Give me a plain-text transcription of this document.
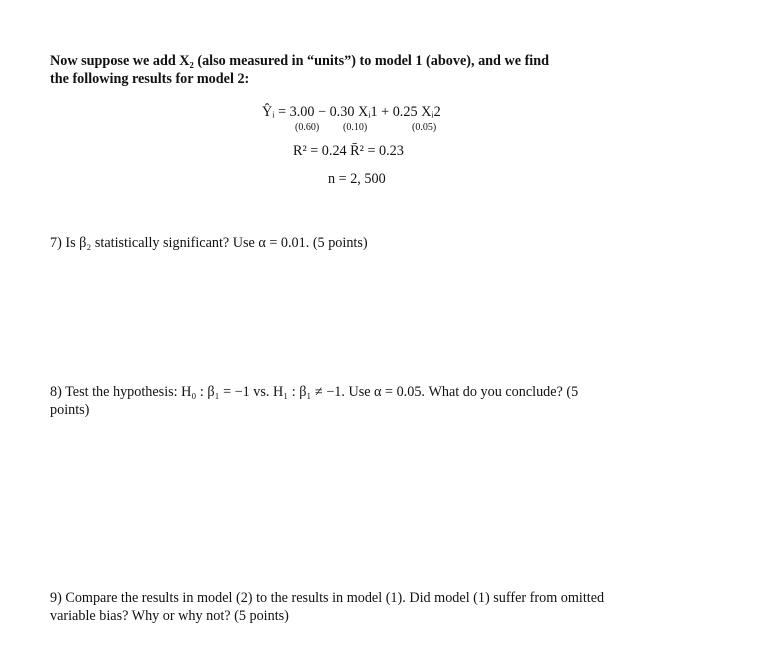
Now suppose we add X₂ (also measured in “units”) to model 1 (above), and we find
the following results for model 2:
Ŷᵢ = 3.00 − 0.30 Xᵢ1 + 0.25 Xᵢ2
(0.60) (0.10)	(0.05)
R² = 0.24 R̄² = 0.23
n = 2, 500
7) Is β₂ statistically significant? Use α = 0.01. (5 points)
8) Test the hypothesis: H₀ : β₁ = −1 vs. H₁ : β₁ ≠ −1. Use α = 0.05. What do you conclude? (5
points)
9) Compare the results in model (2) to the results in model (1). Did model (1) suffer from omitted
variable bias? Why or why not? (5 points)
